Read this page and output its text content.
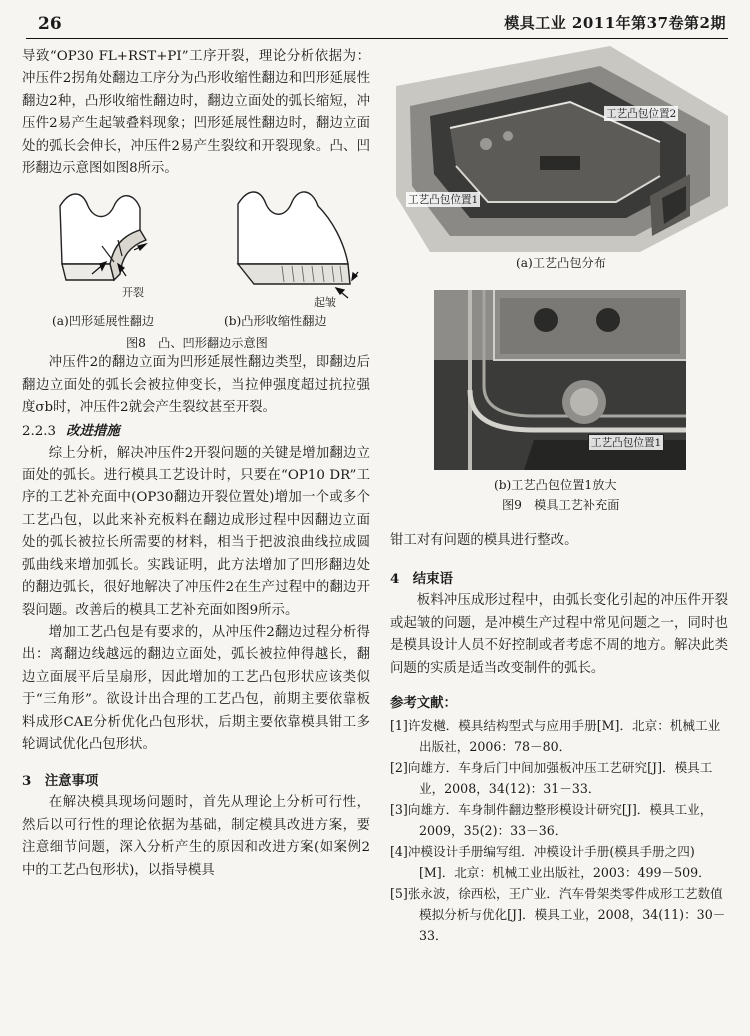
26	模具工业 2011年第37卷第2期

导致“OP30 FL+RST+PI”工序开裂，理论分析依据为：冲压件2拐角处翻边工序分为凸形收缩性翻边和凹形延展性翻边2种，凸形收缩性翻边时，翻边立面处的弧长缩短，冲压件2易产生起皱叠料现象；凹形延展性翻边时，翻边立面处的弧长会伸长，冲压件2易产生裂纹和开裂现象。凸、凹形翻边示意图如图8所示。

开裂
起皱
(a)凹形延展性翻边	(b)凸形收缩性翻边
图8　凸、凹形翻边示意图

冲压件2的翻边立面为凹形延展性翻边类型，即翻边后翻边立面处的弧长会被拉伸变长，当拉伸强度超过抗拉强度σb时，冲压件2就会产生裂纹甚至开裂。

2.2.3 改进措施

综上分析，解决冲压件2开裂问题的关键是增加翻边立面处的弧长。进行模具工艺设计时，只要在“OP10 DR”工序的工艺补充面中(OP30翻边开裂位置处)增加一个或多个工艺凸包，以此来补充板料在翻边成形过程中因翻边立面处的弧长被拉长所需要的材料，相当于把波浪曲线拉成圆弧曲线来增加弧长。实践证明，此方法增加了凹形翻边处的翻边弧长，很好地解决了冲压件2在生产过程中的翻边开裂问题。改善后的模具工艺补充面如图9所示。

增加工艺凸包是有要求的，从冲压件2翻边过程分析得出：离翻边线越远的翻边立面处，弧长被拉伸得越长，翻边立面展平后呈扇形，因此增加的工艺凸包形状应该类似于“三角形”。欲设计出合理的工艺凸包，前期主要依靠板料成形CAE分析优化凸包形状，后期主要依靠模具钳工多轮调试优化凸包形状。

3　注意事项

在解决模具现场问题时，首先从理论上分析可行性，然后以可行性的理论依据为基础，制定模具改进方案，要注意细节问题，深入分析产生的原因和改进方案(如案例2中的工艺凸包形状)，以指导模具

工艺凸包位置2
工艺凸包位置1
(a)工艺凸包分布
工艺凸包位置1
(b)工艺凸包位置1放大
图9　模具工艺补充面

钳工对有问题的模具进行整改。

4　结束语

板料冲压成形过程中，由弧长变化引起的冲压件开裂或起皱的问题，是冲模生产过程中常见问题之一，同时也是模具设计人员不好控制或者考虑不周的地方。解决此类问题的实质是适当改变制件的弧长。

参考文献：

[1]许发樾．模具结构型式与应用手册[M]．北京：机械工业出版社，2006：78－80．

[2]向雄方．车身后门中间加强板冲压工艺研究[J]．模具工业，2008，34(12)：31－33．

[3]向雄方．车身制件翻边整形模设计研究[J]．模具工业，2009，35(2)：33－36．

[4]冲模设计手册编写组．冲模设计手册(模具手册之四)[M]．北京：机械工业出版社，2003：499－509．

[5]张永波，徐西松，王广业．汽车骨架类零件成形工艺数值模拟分析与优化[J]．模具工业，2008，34(11)：30－33．
